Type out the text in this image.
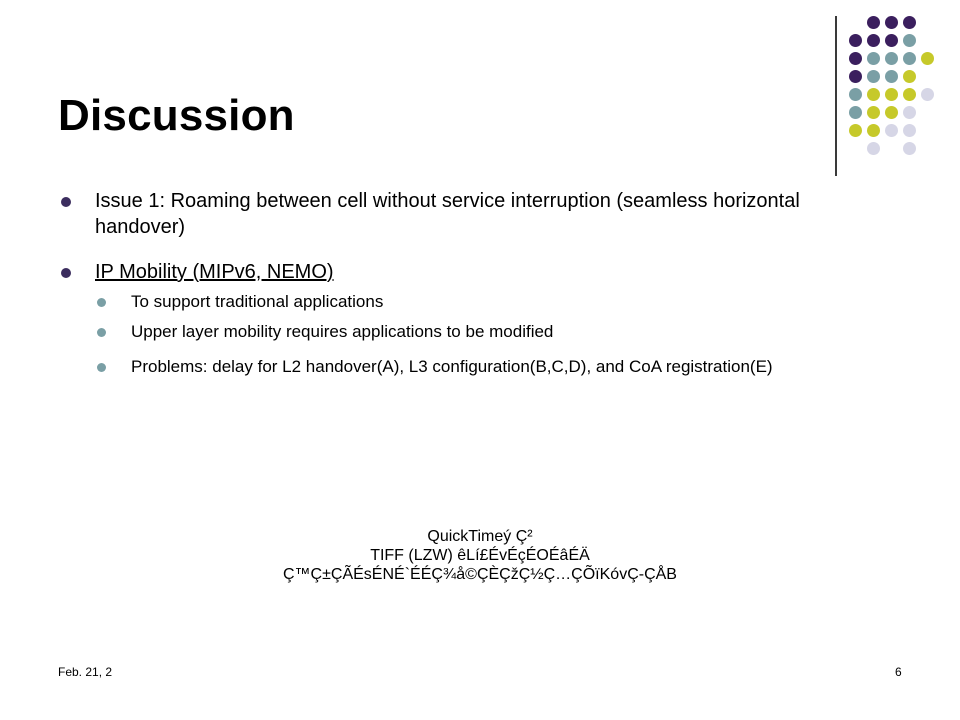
Discussion
Issue 1: Roaming between cell without service interruption (seamless horizontal handover)
IP Mobility (MIPv6, NEMO)
To support traditional applications
Upper layer mobility requires applications to be modified
Problems: delay for L2 handover(A), L3 configuration(B,C,D), and CoA registration(E)
QuickTimeý Ç²
TIFF (LZW) êLí£ÉvÉçÉOÉâÉÄ
Ç™Ç±ÇÃÉsÉNÉ`ÉÉÇ¾å©ÇÈÇžÇ½Ç…ÇÕïKóvÇ-ÇÅB
Feb. 21, 2	6
